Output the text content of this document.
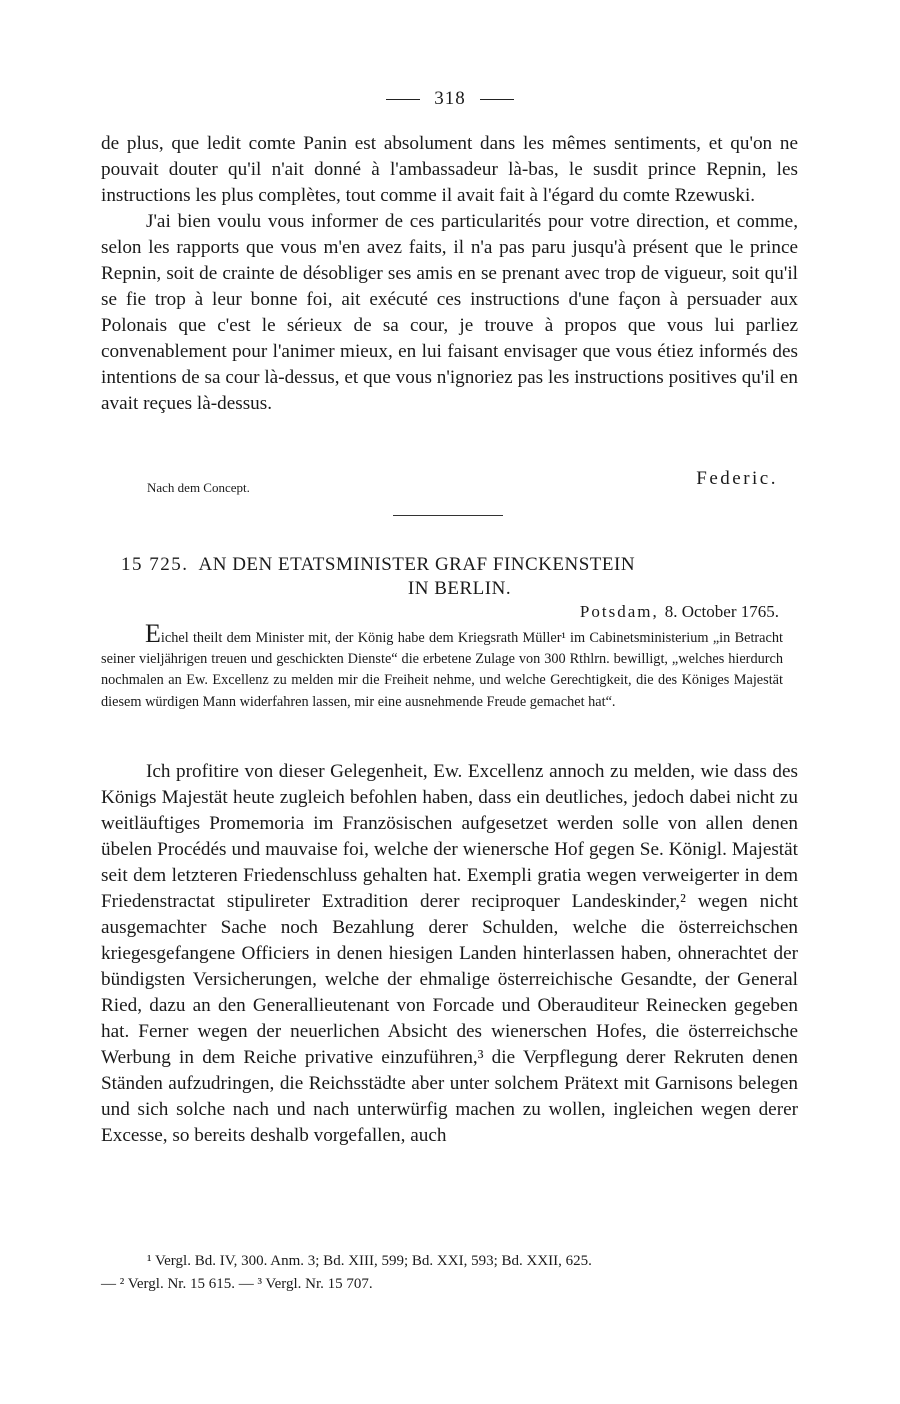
318

de plus, que ledit comte Panin est absolument dans les mêmes sentiments, et qu'on ne pouvait douter qu'il n'ait donné à l'ambassadeur là-bas, le susdit prince Repnin, les instructions les plus complètes, tout comme il avait fait à l'égard du comte Rzewuski.

J'ai bien voulu vous informer de ces particularités pour votre direction, et comme, selon les rapports que vous m'en avez faits, il n'a pas paru jusqu'à présent que le prince Repnin, soit de crainte de désobliger ses amis en se prenant avec trop de vigueur, soit qu'il se fie trop à leur bonne foi, ait exécuté ces instructions d'une façon à persuader aux Polonais que c'est le sérieux de sa cour, je trouve à propos que vous lui parliez convenablement pour l'animer mieux, en lui faisant envisager que vous étiez informés des intentions de sa cour là-dessus, et que vous n'ignoriez pas les instructions positives qu'il en avait reçues là-dessus.

Nach dem Concept.	Federic.
15 725. AN DEN ETATSMINISTER GRAF FINCKENSTEIN
IN BERLIN.
Potsdam, 8. October 1765.
Eichel theilt dem Minister mit, der König habe dem Kriegsrath Müller¹ im Cabinetsministerium „in Betracht seiner vieljährigen treuen und geschickten Dienste“ die erbetene Zulage von 300 Rthlrn. bewilligt, „welches hierdurch nochmalen an Ew. Excellenz zu melden mir die Freiheit nehme, und welche Gerechtigkeit, die des Königes Majestät diesem würdigen Mann widerfahren lassen, mir eine ausnehmende Freude gemachet hat“.

Ich profitire von dieser Gelegenheit, Ew. Excellenz annoch zu melden, wie dass des Königs Majestät heute zugleich befohlen haben, dass ein deutliches, jedoch dabei nicht zu weitläuftiges Promemoria im Französischen aufgesetzet werden solle von allen denen übelen Procédés und mauvaise foi, welche der wienersche Hof gegen Se. Königl. Majestät seit dem letzteren Friedenschluss gehalten hat. Exempli gratia wegen verweigerter in dem Friedenstractat stipulireter Extradition derer reciproquer Landeskinder,² wegen nicht ausgemachter Sache noch Bezahlung derer Schulden, welche die österreichschen kriegesgefangene Officiers in denen hiesigen Landen hinterlassen haben, ohnerachtet der bündigsten Versicherungen, welche der ehmalige österreichische Gesandte, der General Ried, dazu an den Generallieutenant von Forcade und Oberauditeur Reinecken gegeben hat. Ferner wegen der neuerlichen Absicht des wienerschen Hofes, die österreichsche Werbung in dem Reiche privative einzuführen,³ die Verpflegung derer Rekruten denen Ständen aufzudringen, die Reichsstädte aber unter solchem Prätext mit Garnisons belegen und sich solche nach und nach unterwürfig machen zu wollen, ingleichen wegen derer Excesse, so bereits deshalb vorgefallen, auch

¹ Vergl. Bd. IV, 300. Anm. 3; Bd. XIII, 599; Bd. XXI, 593; Bd. XXII, 625.

— ² Vergl. Nr. 15 615. — ³ Vergl. Nr. 15 707.
